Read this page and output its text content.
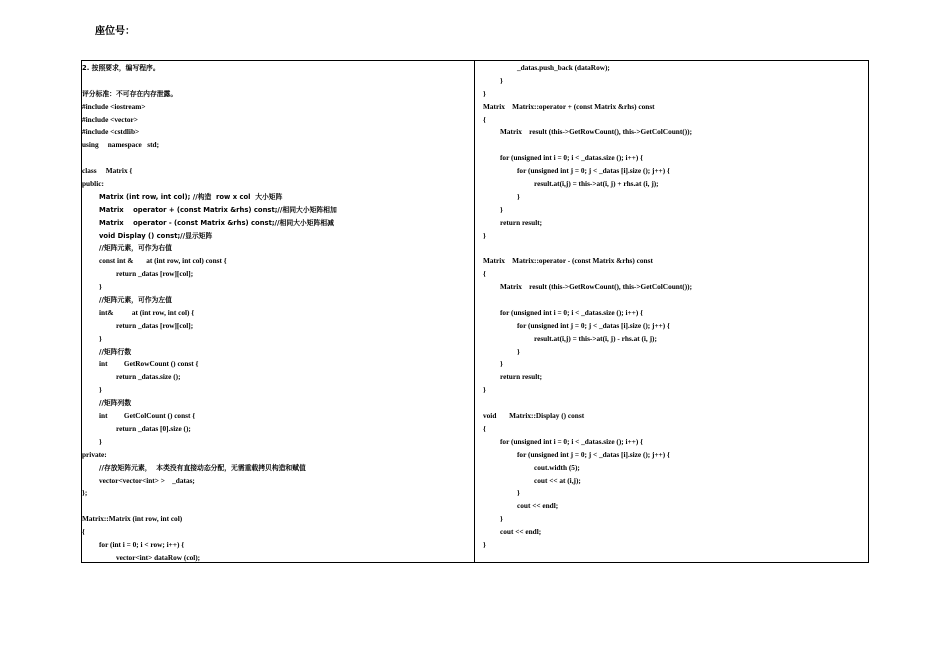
座位号：
2. 按照要求，编写程序。
评分标准：不可存在内存泄露。
#include <iostream>
#include <vector>
#include <cstdlib>
using     namespace   std;
class     Matrix {
public:
Matrix (int row, int col); //构造  row x col  大小矩阵
Matrix    operator + (const Matrix &rhs) const;//相同大小矩阵相加
Matrix    operator - (const Matrix &rhs) const;//相同大小矩阵相减
void Display () const;//显示矩阵
//矩阵元素，可作为右值
const int &       at (int row, int col) const {
return _datas [row][col];
}
//矩阵元素，可作为左值
int&          at (int row, int col) {
return _datas [row][col];
}
//矩阵行数
int         GetRowCount () const {
return _datas.size ();
}
//矩阵列数
int         GetColCount () const {
return _datas [0].size ();
}
private:
//存放矩阵元素，  本类没有直接动态分配，无需重载拷贝构造和赋值
vector<vector<int> >    _datas;
};
Matrix::Matrix (int row, int col)
{
for (int i = 0; i < row; i++) {
vector<int> dataRow (col);
_datas.push_back (dataRow);
}
}
Matrix    Matrix::operator + (const Matrix &rhs) const
{
Matrix    result (this->GetRowCount(), this->GetColCount());
for (unsigned int i = 0; i < _datas.size (); i++) {
for (unsigned int j = 0; j < _datas [i].size (); j++) {
result.at(i,j) = this->at(i, j) + rhs.at (i, j);
}
}
return result;
}
Matrix    Matrix::operator - (const Matrix &rhs) const
{
Matrix    result (this->GetRowCount(), this->GetColCount());
for (unsigned int i = 0; i < _datas.size (); i++) {
for (unsigned int j = 0; j < _datas [i].size (); j++) {
result.at(i,j) = this->at(i, j) - rhs.at (i, j);
}
}
return result;
}
void       Matrix::Display () const
{
for (unsigned int i = 0; i < _datas.size (); i++) {
for (unsigned int j = 0; j < _datas [i].size (); j++) {
cout.width (5);
cout << at (i,j);
}
cout << endl;
}
cout << endl;
}
